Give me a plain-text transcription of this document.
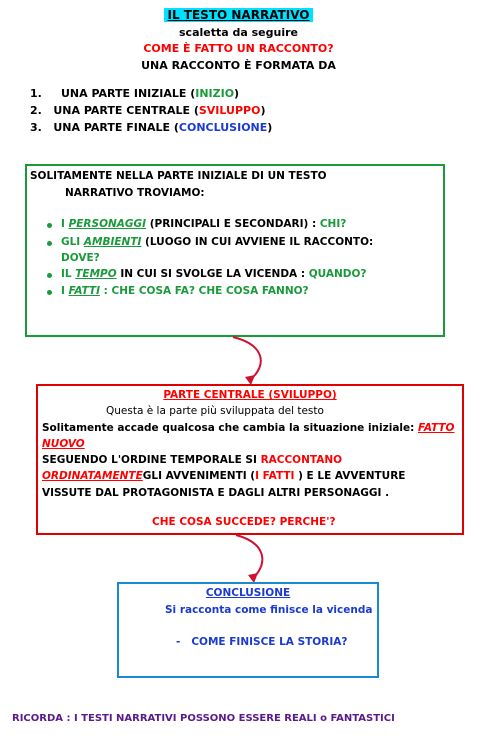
IL TESTO NARRATIVO
scaletta da seguire
COME È FATTO UN RACCONTO?
UNA RACCONTO È FORMATA DA
1. UNA PARTE INIZIALE (INIZIO)
2. UNA PARTE CENTRALE (SVILUPPO)
3. UNA PARTE FINALE (CONCLUSIONE)
SOLITAMENTE NELLA PARTE INIZIALE DI UN TESTO
NARRATIVO TROVIAMO:
I PERSONAGGI (PRINCIPALI E SECONDARI) : CHI?
GLI AMBIENTI (LUOGO IN CUI AVVIENE IL RACCONTO:
DOVE?
IL TEMPO IN CUI SI SVOLGE LA VICENDA : QUANDO?
I FATTI : CHE COSA FA? CHE COSA FANNO?
PARTE CENTRALE (SVILUPPO)
Questa è la parte più sviluppata del testo
Solitamente accade qualcosa che cambia la situazione iniziale: FATTO
NUOVO
SEGUENDO L'ORDINE TEMPORALE SI RACCONTANO
ORDINATAMENTEGLI AVVENIMENTI (I FATTI ) E LE AVVENTURE
VISSUTE DAL PROTAGONISTA E DAGLI ALTRI PERSONAGGI .
CHE COSA SUCCEDE? PERCHE'?
CONCLUSIONE
Si racconta come finisce la vicenda
- COME FINISCE LA STORIA?
RICORDA : I TESTI NARRATIVI POSSONO ESSERE REALI o FANTASTICI
